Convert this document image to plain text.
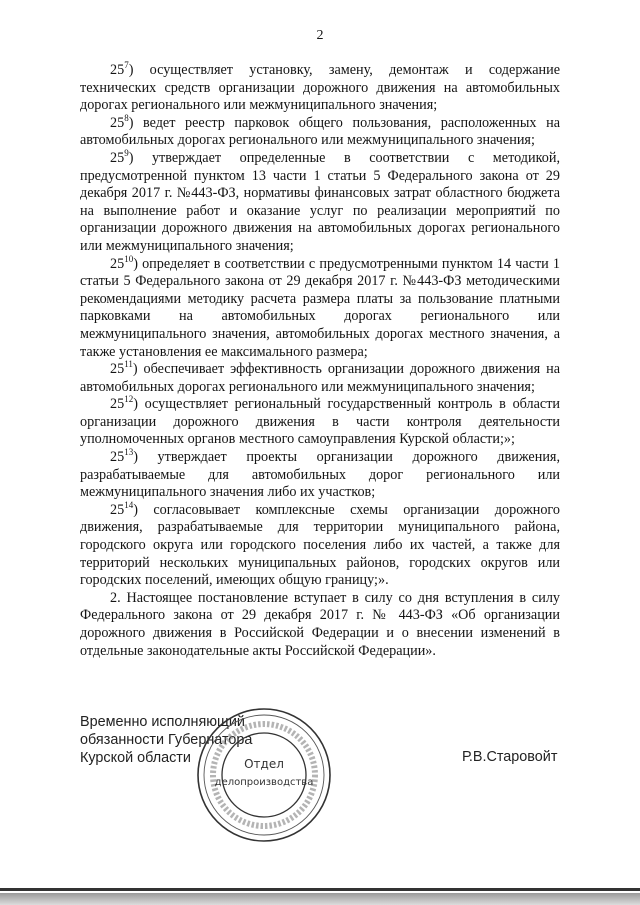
2

$25^7$) осуществляет установку, замену, демонтаж и содержание технических средств организации дорожного движения на автомобильных дорогах регионального или межмуниципального значения;

$25^8$) ведет реестр парковок общего пользования, расположенных на автомобильных дорогах регионального или межмуниципального значения;

$25^9$) утверждает определенные в соответствии с методикой, предусмотренной пунктом 13 части 1 статьи 5 Федерального закона от 29 декабря 2017 г. №443-ФЗ, нормативы финансовых затрат областного бюджета на выполнение работ и оказание услуг по реализации мероприятий по организации дорожного движения на автомобильных дорогах регионального или межмуниципального значения;

$25^{10}$) определяет в соответствии с предусмотренными пунктом 14 части 1 статьи 5 Федерального закона от 29 декабря 2017 г. №443-ФЗ методическими рекомендациями методику расчета размера платы за пользование платными парковками на автомобильных дорогах регионального или межмуниципального значения, автомобильных дорогах местного значения, а также установления ее максимального размера;

$25^{11}$) обеспечивает эффективность организации дорожного движения на автомобильных дорогах регионального или межмуниципального значения;

$25^{12}$) осуществляет региональный государственный контроль в области организации дорожного движения в части контроля деятельности уполномоченных органов местного самоуправления Курской области;»;

$25^{13}$) утверждает проекты организации дорожного движения, разрабатываемые для автомобильных дорог регионального или межмуниципального значения либо их участков;

$25^{14}$) согласовывает комплексные схемы организации дорожного движения, разрабатываемые для территории муниципального района, городского округа или городского поселения либо их частей, а также для территорий нескольких муниципальных районов, городских округов или городских поселений, имеющих общую границу;».

2. Настоящее постановление вступает в силу со дня вступления в силу Федерального закона от 29 декабря 2017 г. № 443-ФЗ «Об организации дорожного движения в Российской Федерации и о внесении изменений в отдельные законодательные акты Российской Федерации».

Временно исполняющий
обязанности Губернатора
Курской области	Отдел
делопроизводства
Р.В.Старовойт
